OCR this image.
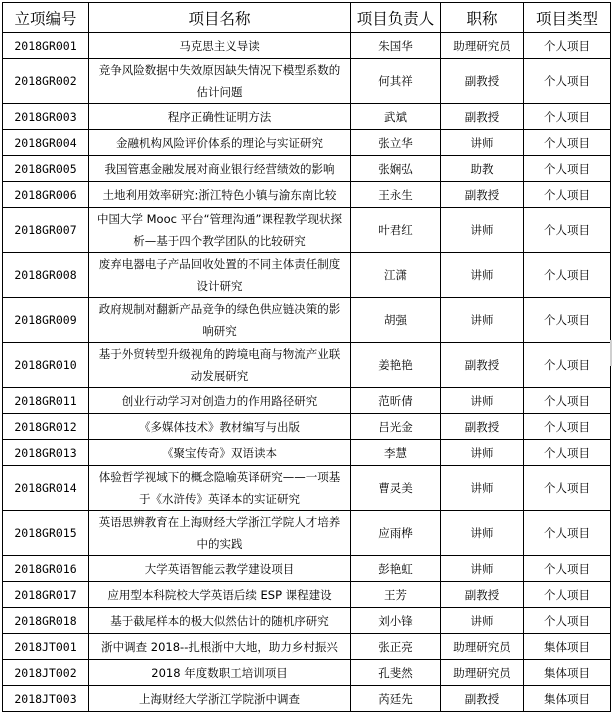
立项编号	项目名称	项目负责人	职称	项目类型
2018GR001	马克思主义导读	朱国华	助理研究员	个人项目
2018GR002	竞争风险数据中失效原因缺失情况下模型系数的估计问题	何其祥	副教授	个人项目
2018GR003	程序正确性证明方法	武斌	副教授	个人项目
2018GR004	金融机构风险评价体系的理论与实证研究	张立华	讲师	个人项目
2018GR005	我国管惠金融发展对商业银行经营绩效的影响	张娴弘	助教	个人项目
2018GR006	土地利用效率研究:浙江特色小镇与渝东南比较	王永生	副教授	个人项目
2018GR007	中国大学 Mooc 平台“管理沟通”课程教学现状探析—基于四个教学团队的比较研究	叶君红	讲师	个人项目
2018GR008	废弃电器电子产品回收处置的不同主体责任制度设计研究	江潇	讲师	个人项目
2018GR009	政府规制对翻新产品竞争的绿色供应链决策的影响研究	胡强	讲师	个人项目
2018GR010	基于外贸转型升级视角的跨境电商与物流产业联动发展研究	姜艳艳	副教授	个人项目
2018GR011	创业行动学习对创造力的作用路径研究	范昕倩	讲师	个人项目
2018GR012	《多媒体技术》教材编写与出版	吕光金	副教授	个人项目
2018GR013	《聚宝传奇》双语读本	李慧	讲师	个人项目
2018GR014	体验哲学视域下的概念隐喻英译研究——一项基于《水浒传》英译本的实证研究	曹灵美	讲师	个人项目
2018GR015	英语思辨教育在上海财经大学浙江学院人才培养中的实践	应雨桦	讲师	个人项目
2018GR016	大学英语智能云教学建设项目	彭艳虹	讲师	个人项目
2018GR017	应用型本科院校大学英语后续 ESP 课程建设	王芳	副教授	个人项目
2018GR018	基于截尾样本的极大似然估计的随机序研究	刘小锋	讲师	个人项目
2018JT001	浙中调查 2018--扎根浙中大地，助力乡村振兴	张正亮	助理研究员	集体项目
2018JT002	2018 年度数职工培训项目	孔斐然	助理研究员	集体项目
2018JT003	上海财经大学浙江学院浙中调查	芮廷先	副教授	集体项目
